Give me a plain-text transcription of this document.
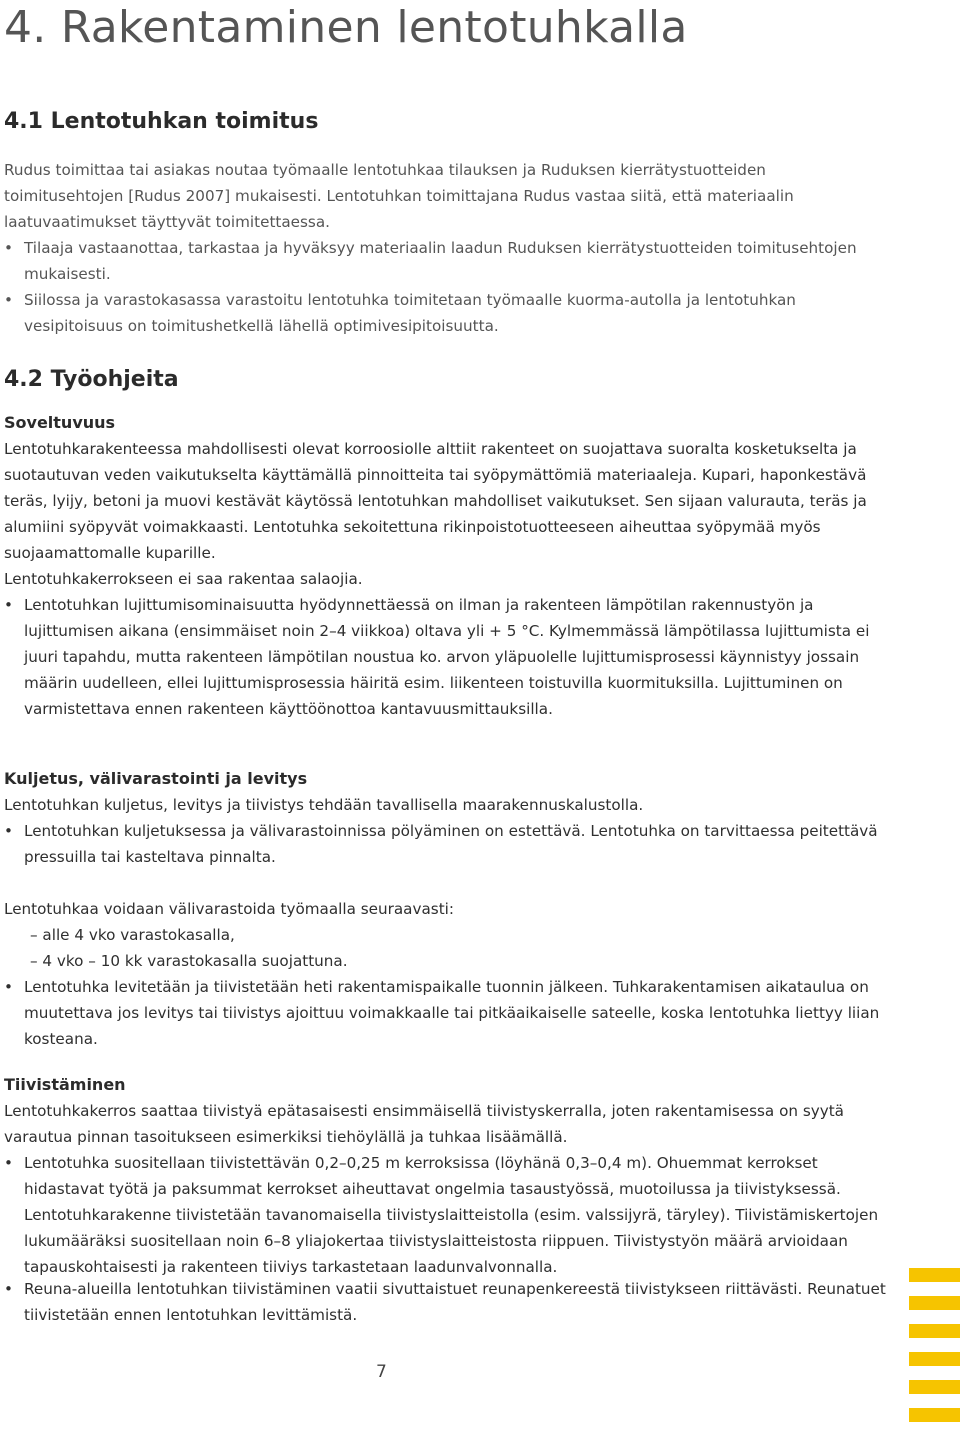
4. Rakentaminen lentotuhkalla
4.1 Lentotuhkan toimitus

Rudus toimittaa tai asiakas noutaa työmaalle lentotuhkaa tilauksen ja Ruduksen kierrätystuotteiden toimitusehtojen [Rudus 2007] mukaisesti. Lentotuhkan toimittajana Rudus vastaa siitä, että materiaalin laatuvaatimukset täyttyvät toimitettaessa.

• Tilaaja vastaanottaa, tarkastaa ja hyväksyy materiaalin laadun Ruduksen kierrätystuotteiden toimitusehtojen mukaisesti.
• Siilossa ja varastokasassa varastoitu lentotuhka toimitetaan työmaalle kuorma-autolla ja lentotuhkan vesipitoisuus on toimitushetkellä lähellä optimivesipitoisuutta.
4.2 Työohjeita
Soveltuvuus

Lentotuhkarakenteessa mahdollisesti olevat korroosiolle alttiit rakenteet on suojattava suoralta kosketukselta ja suotautuvan veden vaikutukselta käyttämällä pinnoitteita tai syöpymättömiä materiaaleja. Kupari, haponkestävä teräs, lyijy, betoni ja muovi kestävät käytössä lentotuhkan mahdolliset vaikutukset. Sen sijaan valurauta, teräs ja alumiini syöpyvät voimakkaasti. Lentotuhka sekoitettuna rikinpoistotuotteeseen aiheuttaa syöpymää myös suojaamattomalle kuparille.

Lentotuhkakerrokseen ei saa rakentaa salaojia.

• Lentotuhkan lujittumisominaisuutta hyödynnettäessä on ilman ja rakenteen lämpötilan rakennustyön ja lujittumisen aikana (ensimmäiset noin 2–4 viikkoa) oltava yli + 5 °C. Kylmemmässä lämpötilassa lujittumista ei juuri tapahdu, mutta rakenteen lämpötilan noustua ko. arvon yläpuolelle lujittumisprosessi käynnistyy jossain määrin uudelleen, ellei lujittumisprosessia häiritä esim. liikenteen toistuvilla kuormituksilla. Lujittuminen on varmistettava ennen rakenteen käyttöönottoa kantavuusmittauksilla.
Kuljetus, välivarastointi ja levitys

Lentotuhkan kuljetus, levitys ja tiivistys tehdään tavallisella maarakennuskalustolla.

• Lentotuhkan kuljetuksessa ja välivarastoinnissa pölyäminen on estettävä. Lentotuhka on tarvittaessa peitettävä pressuilla tai kasteltava pinnalta.

Lentotuhkaa voidaan välivarastoida työmaalla seuraavasti:

– alle 4 vko varastokasalla,
– 4 vko – 10 kk varastokasalla suojattuna.
• Lentotuhka levitetään ja tiivistetään heti rakentamispaikalle tuonnin jälkeen. Tuhkarakentamisen aikataulua on muutettava jos levitys tai tiivistys ajoittuu voimakkaalle tai pitkäaikaiselle sateelle, koska lentotuhka liettyy liian kosteana.
Tiivistäminen

Lentotuhkakerros saattaa tiivistyä epätasaisesti ensimmäisellä tiivistyskerralla, joten rakentamisessa on syytä varautua pinnan tasoitukseen esimerkiksi tiehöylällä ja tuhkaa lisäämällä.

• Lentotuhka suositellaan tiivistettävän 0,2–0,25 m kerroksissa (löyhänä 0,3–0,4 m). Ohuemmat kerrokset hidastavat työtä ja paksummat kerrokset aiheuttavat ongelmia tasaustyössä, muotoilussa ja tiivistyksessä. Lentotuhkarakenne tiivistetään tavanomaisella tiivistyslaitteistolla (esim. valssijyrä, täryley). Tiivistämiskertojen lukumääräksi suositellaan noin 6–8 yliajokertaa tiivistyslaitteistosta riippuen. Tiivistystyön määrä arvioidaan tapauskohtaisesti ja rakenteen tiiviys tarkastetaan laadunvalvonnalla.
• Reuna-alueilla lentotuhkan tiivistäminen vaatii sivuttaistuet reunapenkereestä tiivistykseen riittävästi. Reunatuet tiivistetään ennen lentotuhkan levittämistä.
7
